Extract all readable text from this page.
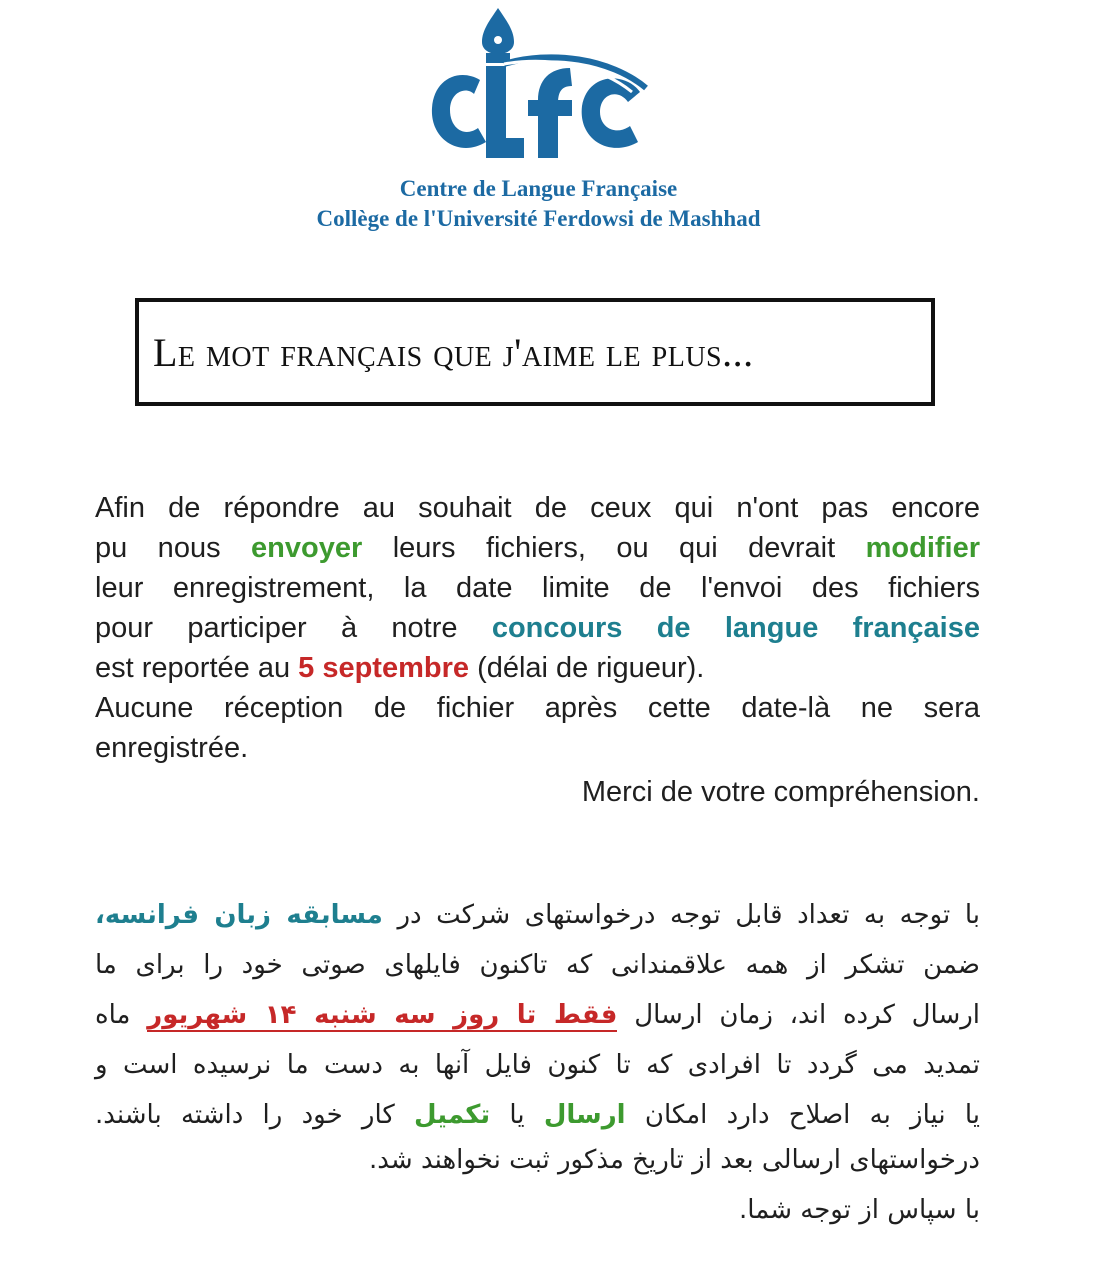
Centre de Langue Française
Collège de l'Université Ferdowsi de Mashhad
Le mot français que j'aime le plus...
Afin de répondre au souhait de ceux qui n'ont pas encore
pu nous envoyer leurs fichiers, ou qui devrait modifier
leur enregistrement, la date limite de l'envoi des fichiers
pour participer à notre concours de langue française
est reportée au 5 septembre (délai de rigueur).
Aucune réception de fichier après cette date-là ne sera
enregistrée.
Merci de votre compréhension.
با توجه به تعداد قابل توجه درخواستهای شرکت در مسابقه زبان فرانسه،
ضمن تشکر از همه علاقمندانی که تاکنون فایلهای صوتی خود را برای ما
ارسال کرده اند، زمان ارسال فقط تا روز سه شنبه ۱۴ شهریور ماه
تمدید می گردد تا افرادی که تا کنون فایل آنها به دست ما نرسیده است و
یا نیاز به اصلاح دارد امکان ارسال یا تکمیل کار خود را داشته باشند.
درخواستهای ارسالی بعد از تاریخ مذکور ثبت نخواهند شد.
با سپاس از توجه شما.
